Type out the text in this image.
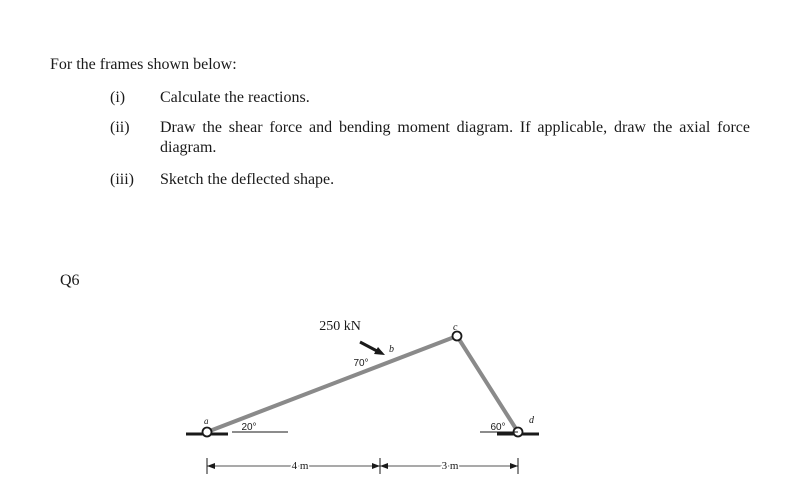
For the frames shown below:
(i) Calculate the reactions.
(ii) Draw the shear force and bending moment diagram. If applicable, draw the axial force diagram.
(iii) Sketch the deflected shape.
Q6
250 kN
70°
20°	60°
a
b
c
d
4 m	3 m
